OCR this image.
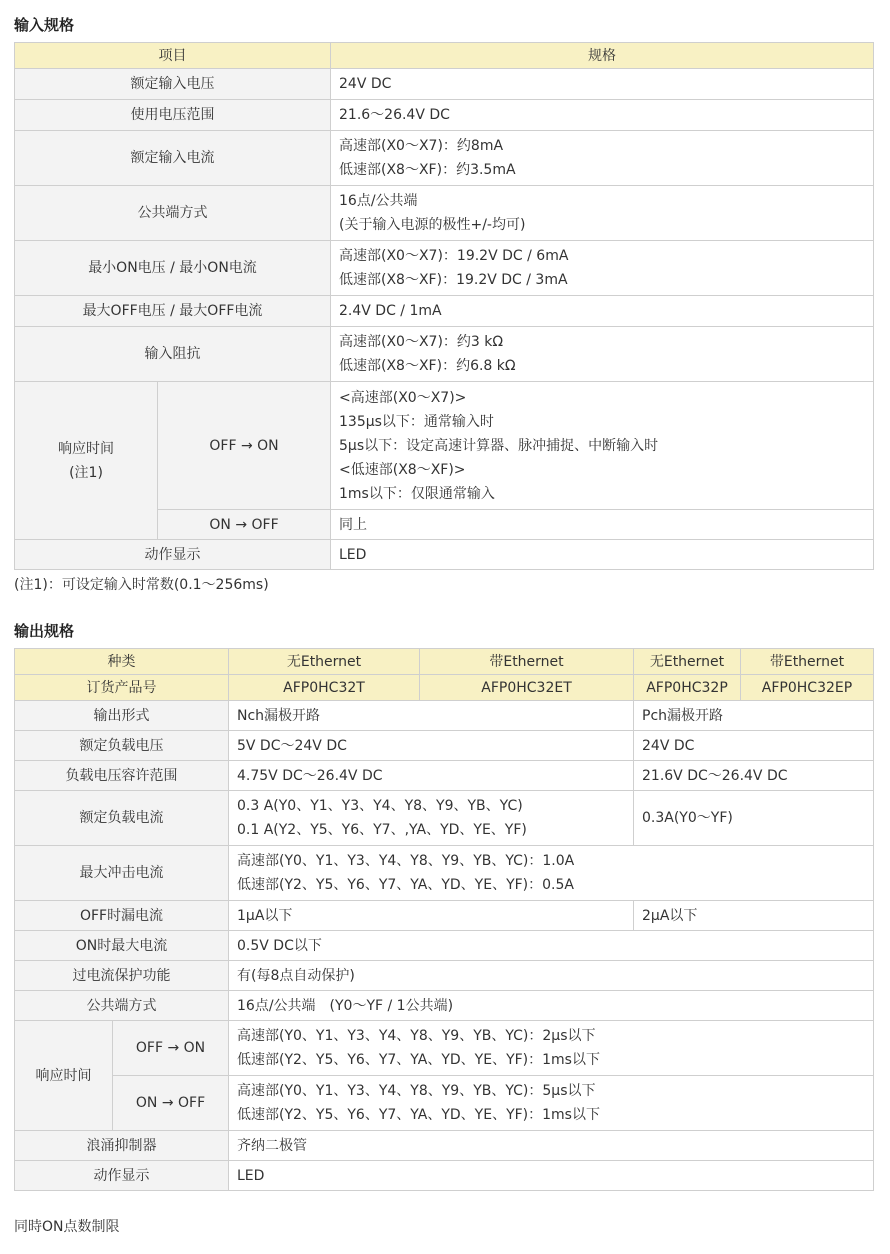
输入规格
项目		规格
额定输入电压		24V DC
使用电压范围		21.6～26.4V DC
额定输入电流		高速部(X0～X7)：约8mA
低速部(X8～XF)：约3.5mA

公共端方式		16点/公共端
(关于输入电源的极性+/-均可)

最小ON电压 / 最小ON电流		高速部(X0～X7)：19.2V DC / 6mA
低速部(X8～XF)：19.2V DC / 3mA

最大OFF电压 / 最大OFF电流		2.4V DC / 1mA
输入阻抗		高速部(X0～X7)：约3 kΩ
低速部(X8～XF)：约6.8 kΩ

响应时间
(注1)	OFF → ON	<高速部(X0～X7)>
135μs以下：通常输入时
5μs以下：设定高速计算器、脉冲捕捉、中断输入时
<低速部(X8～XF)>
1ms以下：仅限通常输入

	ON → OFF	同上
动作显示		LED
(注1)：可设定输入时常数(0.1～256ms)
输出规格
种类		无Ethernet	带Ethernet	无Ethernet	带Ethernet
订货产品号		AFP0HC32T	AFP0HC32ET	AFP0HC32P	AFP0HC32EP
输出形式		Nch漏极开路		Pch漏极开路	
额定负载电压		5V DC～24V DC		24V DC	
负载电压容许范围		4.75V DC～26.4V DC		21.6V DC～26.4V DC	
额定负载电流		0.3 A(Y0、Y1、Y3、Y4、Y8、Y9、YB、YC)
0.1 A(Y2、Y5、Y6、Y7、,YA、YD、YE、YF)		0.3A(Y0～YF)	
最大冲击电流		高速部(Y0、Y1、Y3、Y4、Y8、Y9、YB、YC)：1.0A
低速部(Y2、Y5、Y6、Y7、YA、YD、YE、YF)：0.5A			

OFF时漏电流		1μA以下		2μA以下	
ON时最大电流		0.5V DC以下			
过电流保护功能		有(每8点自动保护)			
公共端方式		16点/公共端　(Y0～YF / 1公共端)			
响应时间	OFF → ON	高速部(Y0、Y1、Y3、Y4、Y8、Y9、YB、YC)：2μs以下
低速部(Y2、Y5、Y6、Y7、YA、YD、YE、YF)：1ms以下			

	ON → OFF	高速部(Y0、Y1、Y3、Y4、Y8、Y9、YB、YC)：5μs以下
低速部(Y2、Y5、Y6、Y7、YA、YD、YE、YF)：1ms以下			

浪涌抑制器		齐纳二极管			
动作显示		LED			
同時ON点数制限
